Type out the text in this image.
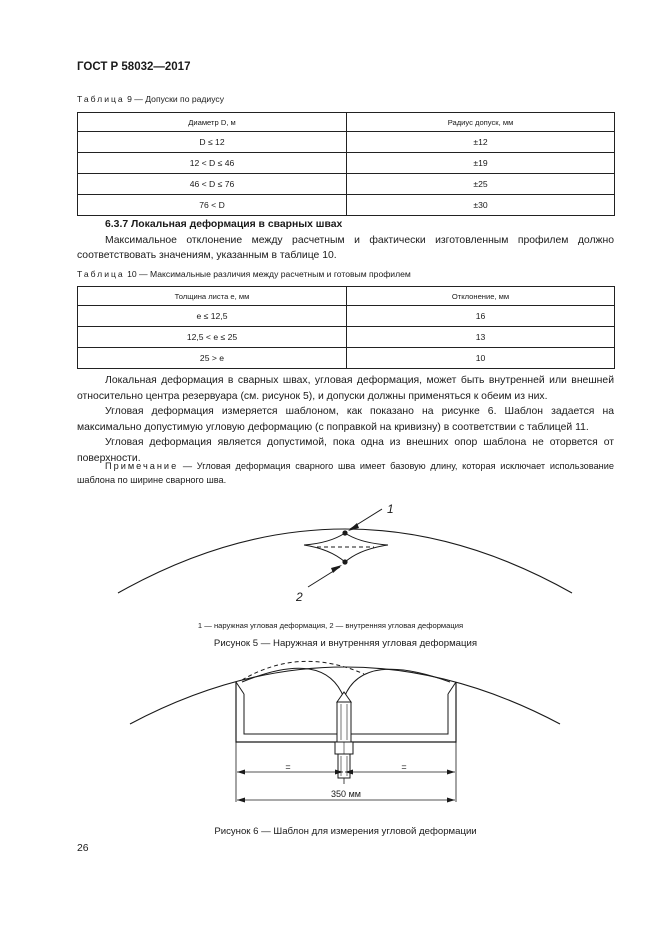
ГОСТ Р 58032—2017
Таблица 9 — Допуски по радиусу
Диаметр D, м	Радиус допуск, мм
D ≤ 12	±12
12 < D ≤ 46	±19
46 < D ≤ 76	±25
76 < D	±30
6.3.7 Локальная деформация в сварных швах
Максимальное отклонение между расчетным и фактически изготовленным профилем должно соответствовать значениям, указанным в таблице 10.
Таблица 10 — Максимальные различия между расчетным и готовым профилем
Толщина листа e, мм	Отклонение, мм
e ≤ 12,5	16
12,5 < e ≤ 25	13
25 > e	10
Локальная деформация в сварных швах, угловая деформация, может быть внутренней или внешней относительно центра резервуара (см. рисунок 5), и допуски должны применяться к обеим из них.
Угловая деформация измеряется шаблоном, как показано на рисунке 6. Шаблон задается на максимально допустимую угловую деформацию (с поправкой на кривизну) в соответствии с таблицей 11.
Угловая деформация является допустимой, пока одна из внешних опор шаблона не оторвется от поверхности.
Примечание — Угловая деформация сварного шва имеет базовую длину, которая исключает использование шаблона по ширине сварного шва.
1
2
1 — наружная угловая деформация, 2 — внутренняя угловая деформация
Рисунок 5 — Наружная и внутренняя угловая деформация
=	=
350 мм
Рисунок 6 — Шаблон для измерения угловой деформации
26
